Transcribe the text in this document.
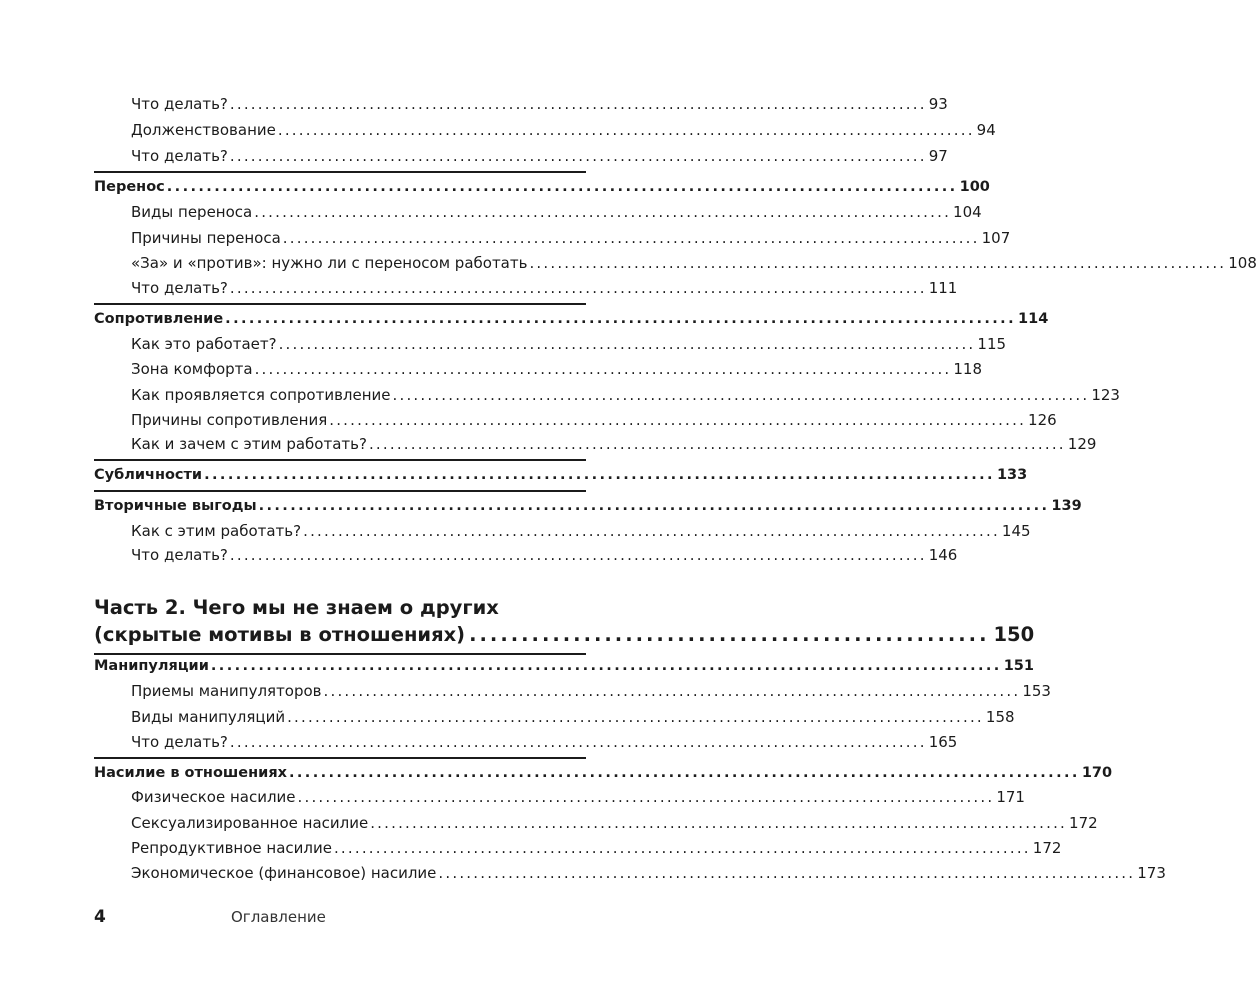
Что делать? .................................................................................................... 93
Долженствование .................................................................................................... 94
Что делать? .................................................................................................... 97
Перенос .................................................................................................... 100
Виды переноса .................................................................................................... 104
Причины переноса .................................................................................................... 107
«За» и «против»: нужно ли с переносом работать .................................................................................................... 108
Что делать? .................................................................................................... 111
Сопротивление .................................................................................................... 114
Как это работает? .................................................................................................... 115
Зона комфорта .................................................................................................... 118
Как проявляется сопротивление .................................................................................................... 123
Причины сопротивления .................................................................................................... 126
Как и зачем с этим работать? .................................................................................................... 129
Субличности .................................................................................................... 133
Вторичные выгоды .................................................................................................... 139
Как с этим работать? .................................................................................................... 145
Что делать? .................................................................................................... 146
Часть 2. Чего мы не знаем о других
(скрытые мотивы в отношениях) .................................................. 150
Манипуляции .................................................................................................... 151
Приемы манипуляторов .................................................................................................... 153
Виды манипуляций .................................................................................................... 158
Что делать? .................................................................................................... 165
Насилие в отношениях .................................................................................................... 170
Физическое насилие .................................................................................................... 171
Сексуализированное насилие .................................................................................................... 172
Репродуктивное насилие .................................................................................................... 172
Экономическое (финансовое) насилие .................................................................................................... 173
4	Оглавление
